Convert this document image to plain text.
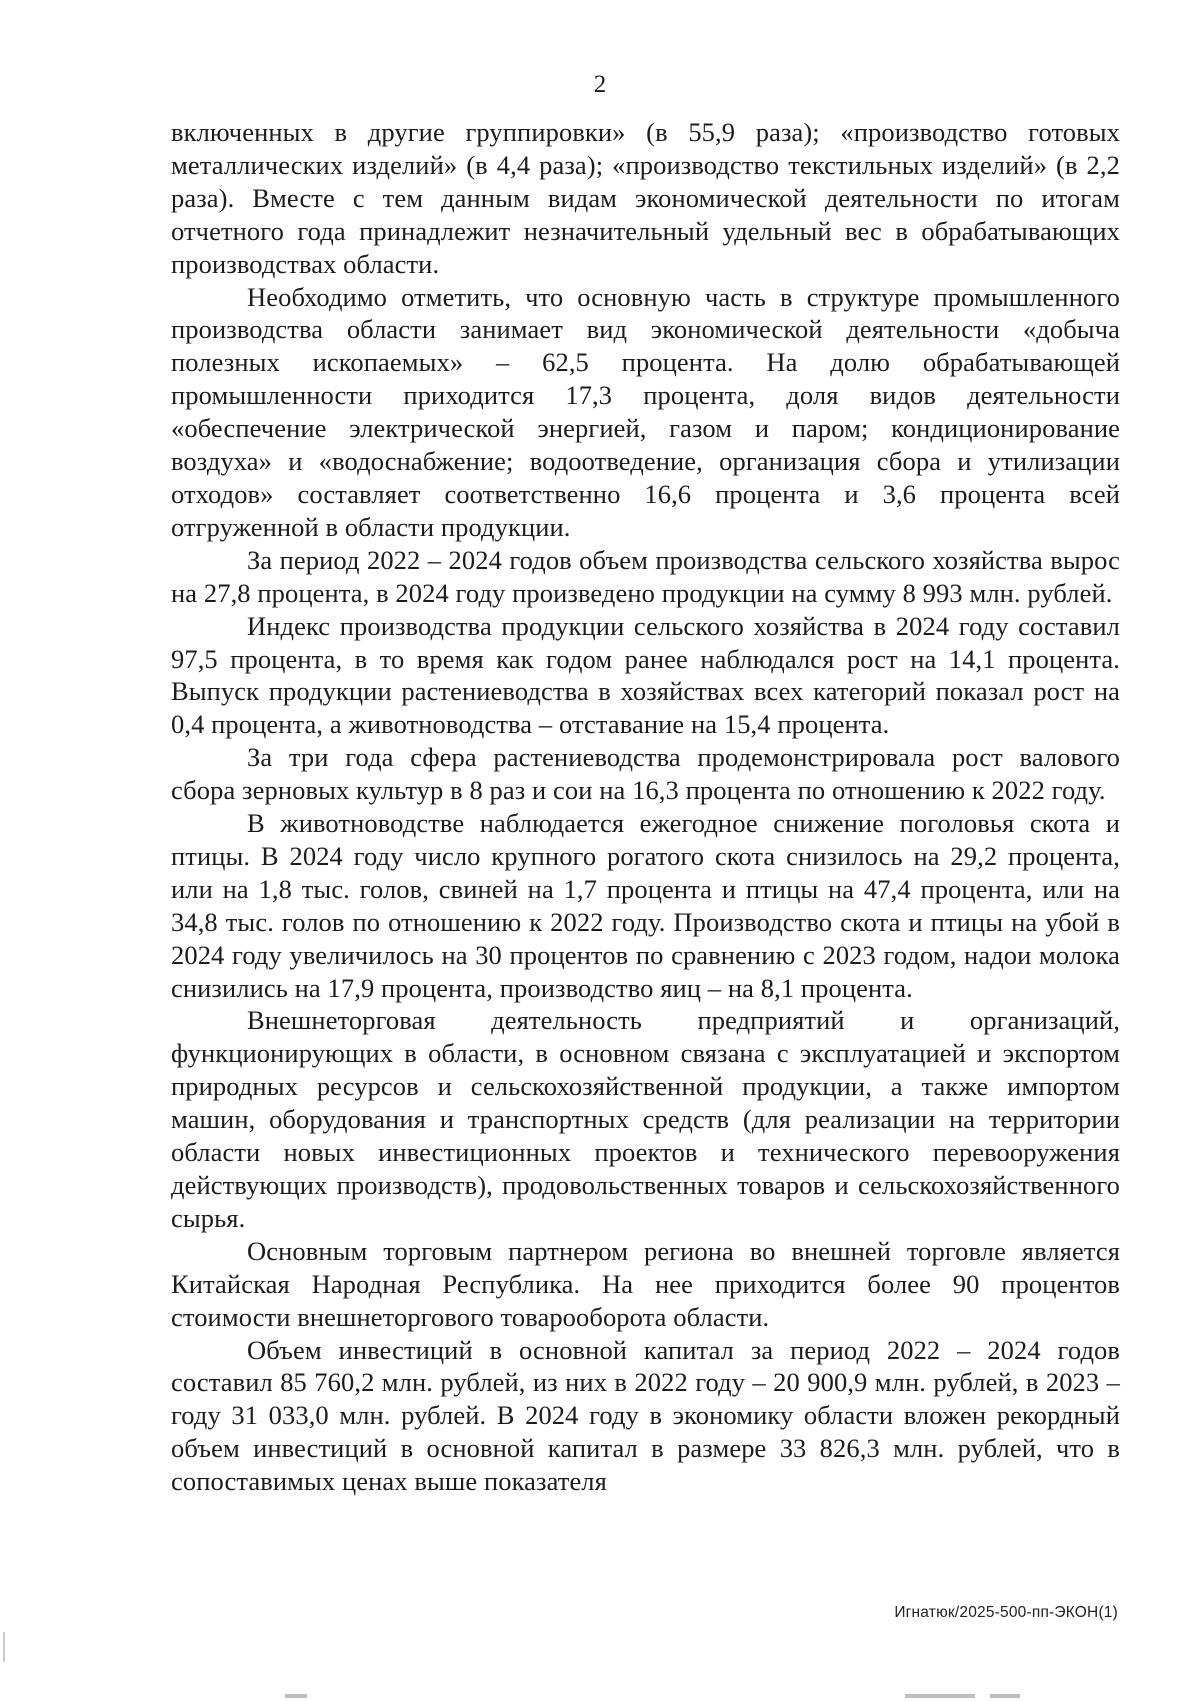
2

включенных в другие группировки» (в 55,9 раза); «производство готовых металлических изделий» (в 4,4 раза); «производство текстильных изделий» (в 2,2 раза). Вместе с тем данным видам экономической деятельности по итогам отчетного года принадлежит незначительный удельный вес в обрабатывающих производствах области.

Необходимо отметить, что основную часть в структуре промышленного производства области занимает вид экономической деятельности «добыча полезных ископаемых» – 62,5 процента. На долю обрабатывающей промышленности приходится 17,3 процента, доля видов деятельности «обеспечение электрической энергией, газом и паром; кондиционирование воздуха» и «водоснабжение; водоотведение, организация сбора и утилизации отходов» составляет соответственно 16,6 процента и 3,6 процента всей отгруженной в области продукции.

За период 2022 – 2024 годов объем производства сельского хозяйства вырос на 27,8 процента, в 2024 году произведено продукции на сумму 8 993 млн. рублей.

Индекс производства продукции сельского хозяйства в 2024 году составил 97,5 процента, в то время как годом ранее наблюдался рост на 14,1 процента. Выпуск продукции растениеводства в хозяйствах всех категорий показал рост на 0,4 процента, а животноводства – отставание на 15,4 процента.

За три года сфера растениеводства продемонстрировала рост валового сбора зерновых культур в 8 раз и сои на 16,3 процента по отношению к 2022 году.

В животноводстве наблюдается ежегодное снижение поголовья скота и птицы. В 2024 году число крупного рогатого скота снизилось на 29,2 процента, или на 1,8 тыс. голов, свиней на 1,7 процента и птицы на 47,4 процента, или на 34,8 тыс. голов по отношению к 2022 году. Производство скота и птицы на убой в 2024 году увеличилось на 30 процентов по сравнению с 2023 годом, надои молока снизились на 17,9 процента, производство яиц – на 8,1 процента.

Внешнеторговая деятельность предприятий и организаций, функционирующих в области, в основном связана с эксплуатацией и экспортом природных ресурсов и сельскохозяйственной продукции, а также импортом машин, оборудования и транспортных средств (для реализации на территории области новых инвестиционных проектов и технического перевооружения действующих производств), продовольственных товаров и сельскохозяйственного сырья.

Основным торговым партнером региона во внешней торговле является Китайская Народная Республика. На нее приходится более 90 процентов стоимости внешнеторгового товарооборота области.

Объем инвестиций в основной капитал за период 2022 – 2024 годов составил 85 760,2 млн. рублей, из них в 2022 году – 20 900,9 млн. рублей, в 2023 – году 31 033,0 млн. рублей. В 2024 году в экономику области вложен рекордный объем инвестиций в основной капитал в размере 33 826,3 млн. рублей, что в сопоставимых ценах выше показателя

Игнатюк/2025-500-пп-ЭКОН(1)
